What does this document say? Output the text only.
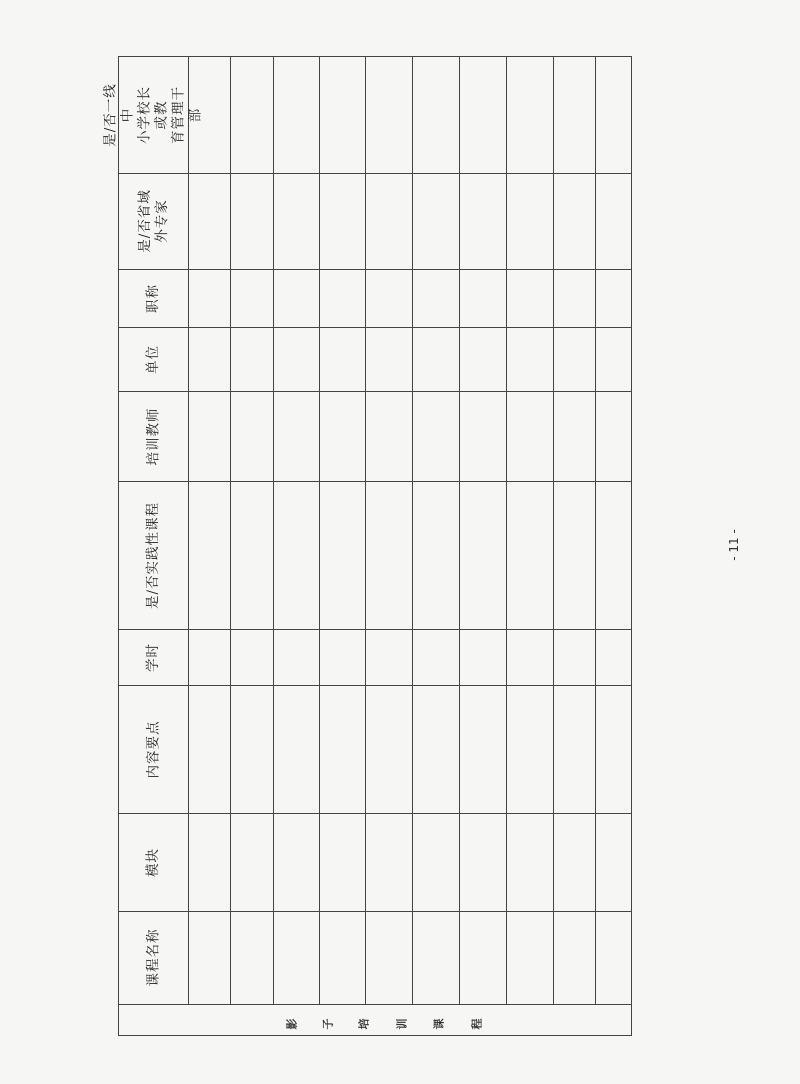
课程名称
模块
内容要点
学时
是/否实践性课程
培训教师
单位
职称
是/否省域
外专家
是/否一线中
小学校长或教
育管理干部
影 子 培 训 课 程
- 11 -
